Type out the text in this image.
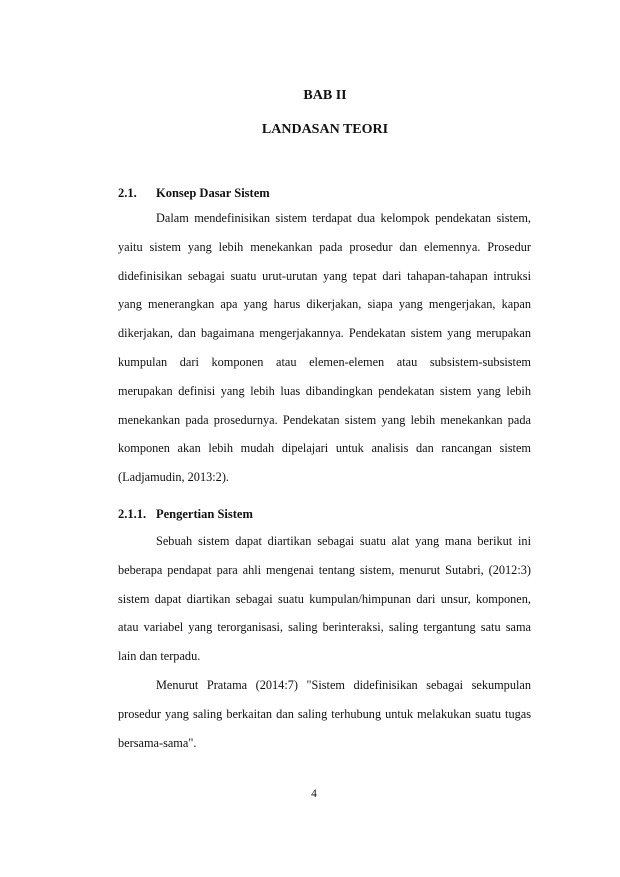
BAB II
LANDASAN TEORI
2.1. Konsep Dasar Sistem

Dalam mendefinisikan sistem terdapat dua kelompok pendekatan sistem, yaitu sistem yang lebih menekankan pada prosedur dan elemennya. Prosedur didefinisikan sebagai suatu urut-urutan yang tepat dari tahapan-tahapan intruksi yang menerangkan apa yang harus dikerjakan, siapa yang mengerjakan, kapan dikerjakan, dan bagaimana mengerjakannya. Pendekatan sistem yang merupakan kumpulan dari komponen atau elemen-elemen atau subsistem-subsistem merupakan definisi yang lebih luas dibandingkan pendekatan sistem yang lebih menekankan pada prosedurnya. Pendekatan sistem yang lebih menekankan pada komponen akan lebih mudah dipelajari untuk analisis dan rancangan sistem (Ladjamudin, 2013:2).

2.1.1. Pengertian Sistem

Sebuah sistem dapat diartikan sebagai suatu alat yang mana berikut ini beberapa pendapat para ahli mengenai tentang sistem, menurut Sutabri, (2012:3) sistem dapat diartikan sebagai suatu kumpulan/himpunan dari unsur, komponen, atau variabel yang terorganisasi, saling berinteraksi, saling tergantung satu sama lain dan terpadu.

Menurut Pratama (2014:7) "Sistem didefinisikan sebagai sekumpulan prosedur yang saling berkaitan dan saling terhubung untuk melakukan suatu tugas bersama-sama".

4
